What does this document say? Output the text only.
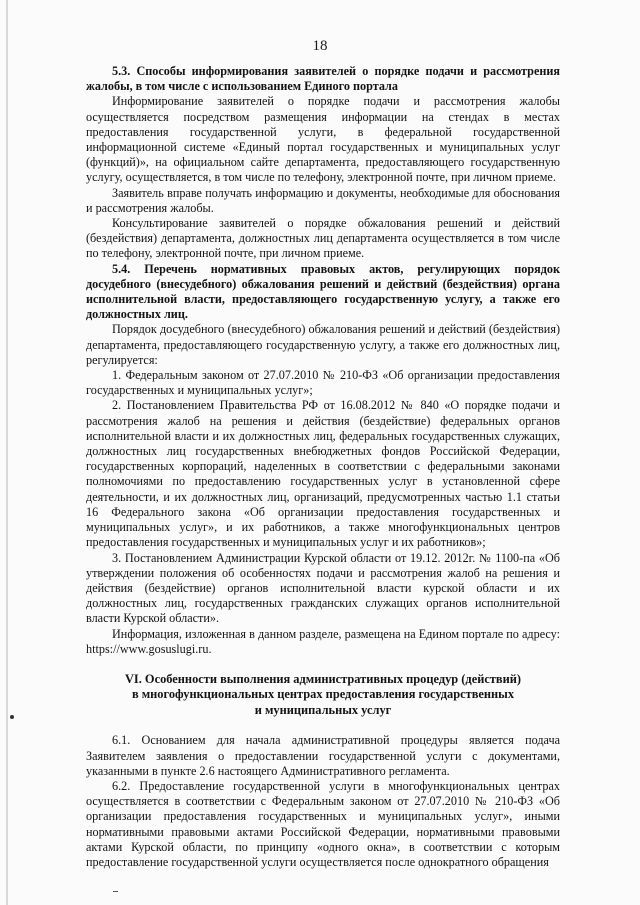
18

5.3. Способы информирования заявителей о порядке подачи и рассмотрения жалобы, в том числе с использованием Единого портала

Информирование заявителей о порядке подачи и рассмотрения жалобы осуществляется посредством размещения информации на стендах в местах предоставления государственной услуги, в федеральной государственной информационной системе «Единый портал государственных и муниципальных услуг (функций)», на официальном сайте департамента, предоставляющего государственную услугу, осуществляется, в том числе по телефону, электронной почте, при личном приеме.

Заявитель вправе получать информацию и документы, необходимые для обоснования и рассмотрения жалобы.

Консультирование заявителей о порядке обжалования решений и действий (бездействия) департамента, должностных лиц департамента осуществляется в том числе по телефону, электронной почте, при личном приеме.

5.4. Перечень нормативных правовых актов, регулирующих порядок досудебного (внесудебного) обжалования решений и действий (бездействия) органа исполнительной власти, предоставляющего государственную услугу, а также его должностных лиц.

Порядок досудебного (внесудебного) обжалования решений и действий (бездействия) департамента, предоставляющего государственную услугу, а также его должностных лиц, регулируется:

1. Федеральным законом от 27.07.2010 № 210-ФЗ «Об организации предоставления государственных и муниципальных услуг»;

2. Постановлением Правительства РФ от 16.08.2012 № 840 «О порядке подачи и рассмотрения жалоб на решения и действия (бездействие) федеральных органов исполнительной власти и их должностных лиц, федеральных государственных служащих, должностных лиц государственных внебюджетных фондов Российской Федерации, государственных корпораций, наделенных в соответствии с федеральными законами полномочиями по предоставлению государственных услуг в установленной сфере деятельности, и их должностных лиц, организаций, предусмотренных частью 1.1 статьи 16 Федерального закона «Об организации предоставления государственных и муниципальных услуг», и их работников, а также многофункциональных центров предоставления государственных и муниципальных услуг и их работников»;

3. Постановлением Администрации Курской области от 19.12. 2012г. № 1100-па «Об утверждении положения об особенностях подачи и рассмотрения жалоб на решения и действия (бездействие) органов исполнительной власти курской области и их должностных лиц, государственных гражданских служащих органов исполнительной власти Курской области».

Информация, изложенная в данном разделе, размещена на Едином портале по адресу: https://www.gosuslugi.ru.

VI. Особенности выполнения административных процедур (действий)

в многофункциональных центрах предоставления государственных

и муниципальных услуг

6.1. Основанием для начала административной процедуры является подача Заявителем заявления о предоставлении государственной услуги с документами, указанными в пункте 2.6 настоящего Административного регламента.

6.2. Предоставление государственной услуги в многофункциональных центрах осуществляется в соответствии с Федеральным законом от 27.07.2010 № 210-ФЗ «Об организации предоставления государственных и муниципальных услуг», иными нормативными правовыми актами Российской Федерации, нормативными правовыми актами Курской области, по принципу «одного окна», в соответствии с которым предоставление государственной услуги осуществляется после однократного обращения
